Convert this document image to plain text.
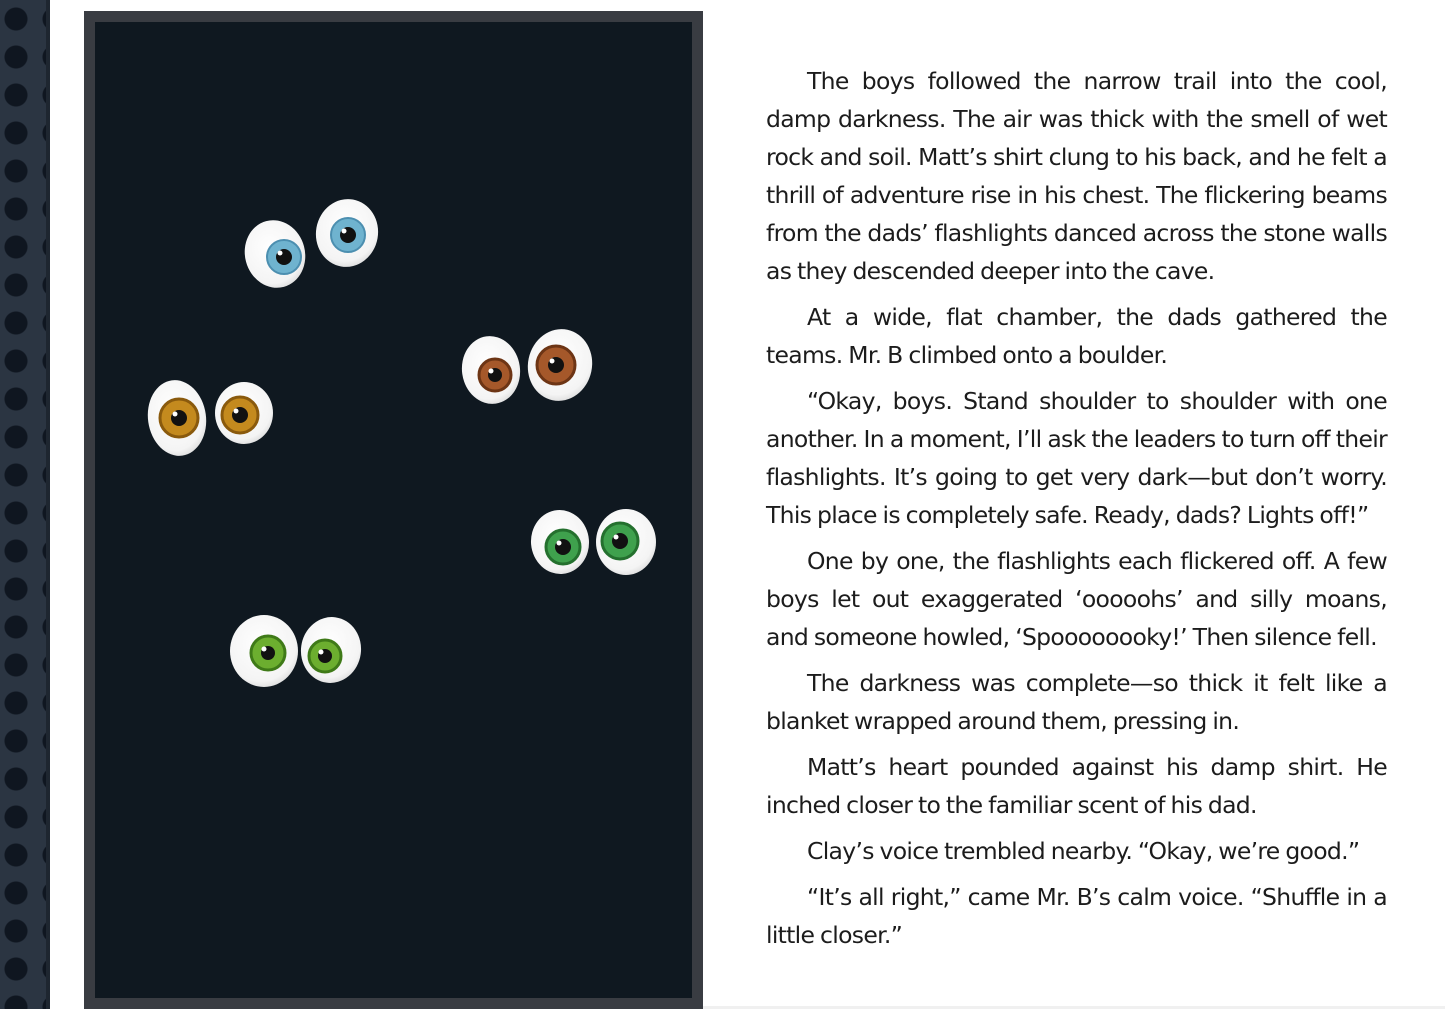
The boys followed the narrow trail into the cool, damp darkness. The air was thick with the smell of wet rock and soil. Matt’s shirt clung to his back, and he felt a thrill of adventure rise in his chest. The flickering beams from the dads’ flashlights danced across the stone walls as they descended deeper into the cave.

At a wide, flat chamber, the dads gathered the teams. Mr. B climbed onto a boulder.

“Okay, boys. Stand shoulder to shoulder with one another. In a moment, I’ll ask the leaders to turn off their flashlights. It’s going to get very dark—but don’t worry. This place is completely safe. Ready, dads? Lights off!”

One by one, the flashlights each flickered off. A few boys let out exaggerated ‘ooooohs’ and silly moans, and someone howled, ‘Spoooooooky!’ Then silence fell.

The darkness was complete—so thick it felt like a blanket wrapped around them, pressing in.

Matt’s heart pounded against his damp shirt. He inched closer to the familiar scent of his dad.

Clay’s voice trembled nearby. “Okay, we’re good.”

“It’s all right,” came Mr. B’s calm voice. “Shuffle in a little closer.”
